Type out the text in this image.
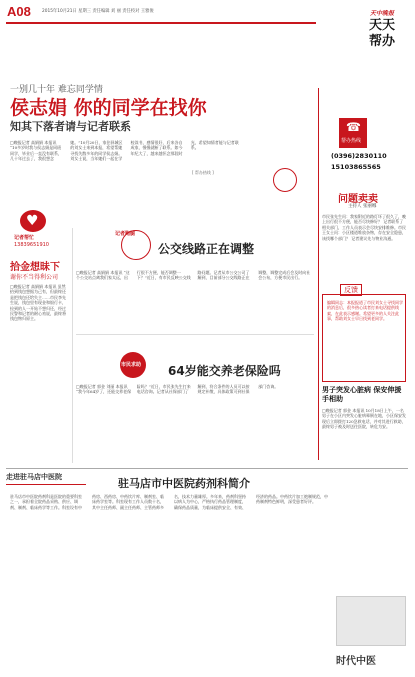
A08	2015年10月21日 星期三 责任编辑 刘 丽 责任校对 王雅俊	天中晚报
天天帮办
一别几十年 难忘同学情
侯志娟 你的同学在找你
知其下落者请与记者联系
□晚报记者 高娟娟 本报讯 “10多岁时我与侯志娟是同班同学，毕业后一直没有联系，几十年过去了，我很想念她。”10月20日，家住驿城区的刘女士来到本报，希望帮她寻找失散多年的同学侯志娟。刘女士说，当年她们一起在学校读书，感情很好，后来各自成家，慢慢就断了联系。如今年纪大了，越来越怀念那段时光，希望知情者能与记者联系。
♥
记者帮忙
13839651910
[ 帮办热线 ]
拾金想昧下
谢你不当得利公司
□晚报记者 高娟娟 本报讯 虽然拾到钱包想据为己有，但最终还是把钱包还给失主……市民李先生说，钱包里有现金和银行卡，捡到的人一开始不想归还，经过民警和记者的耐心劝说，最终将钱包物归原主。
记者跑腿
公交线路正在调整
□晚报记者 高娟娟 本报讯 “这个公交站点离我们家太远，出行很不方便，能否调整一下？”近日，有市民反映公交线路问题。记者从市公交公司了解到，目前部分公交线路正在调整，调整完成后会及时向社会公布，方便市民出行。
市民求助 64岁能交养老保险吗
□晚报记者 郭金 刘丽 本报讯 “我今年64岁了，还能交养老保险吗？”近日，市民张先生打来电话咨询。记者从社保部门了解到，符合条件的人员可以按规定补缴，具体政策可到社保部门咨询。
☎
帮办热线
(0396)2830110
15103865565
问题卖卖
主持人 张丽娜
市民张先生问：我家附近的路灯坏了很久了，晚上出行很不方便，能否尽快修好？ 记者联系了相关部门，工作人员表示会尽快安排维修。市民王女士问：小区楼道堆放杂物，存在安全隐患，该找哪个部门？ 记者建议先与物业沟通。
反馈
编辑同志：本报报道了市民刘女士寻找同学的消息后，很多热心读者打来电话提供线索，在此表示感谢。希望更多的人关注此事，帮助刘女士早日找到老同学。
男子突发心脏病 保安伸援手相助
□晚报记者 郭金 本报讯 10月18日上午，一名男子在小区内突发心脏病晕倒在地，小区保安发现后立即拨打120急救电话，并对其进行救助，最终男子被及时送往医院，转危为安。
走进驻马店中医院	驻马店市中医院药剂科简介
驻马店市中医院药剂科是医院的重要科室之一，承担着全院药品采购、供应、调剂、制剂、临床药学等工作。科室设有中药房、西药房、中药饮片库、制剂室、临床药学室等。科室现有工作人员数十名，其中主任药师、副主任药师、主管药师多名，技术力量雄厚。多年来，药剂科坚持以病人为中心，严格执行药品管理制度，确保药品质量，为临床提供安全、有效、经济的药品。中药饮片加工炮制规范，中药制剂特色鲜明，深受患者好评。
时代中医
